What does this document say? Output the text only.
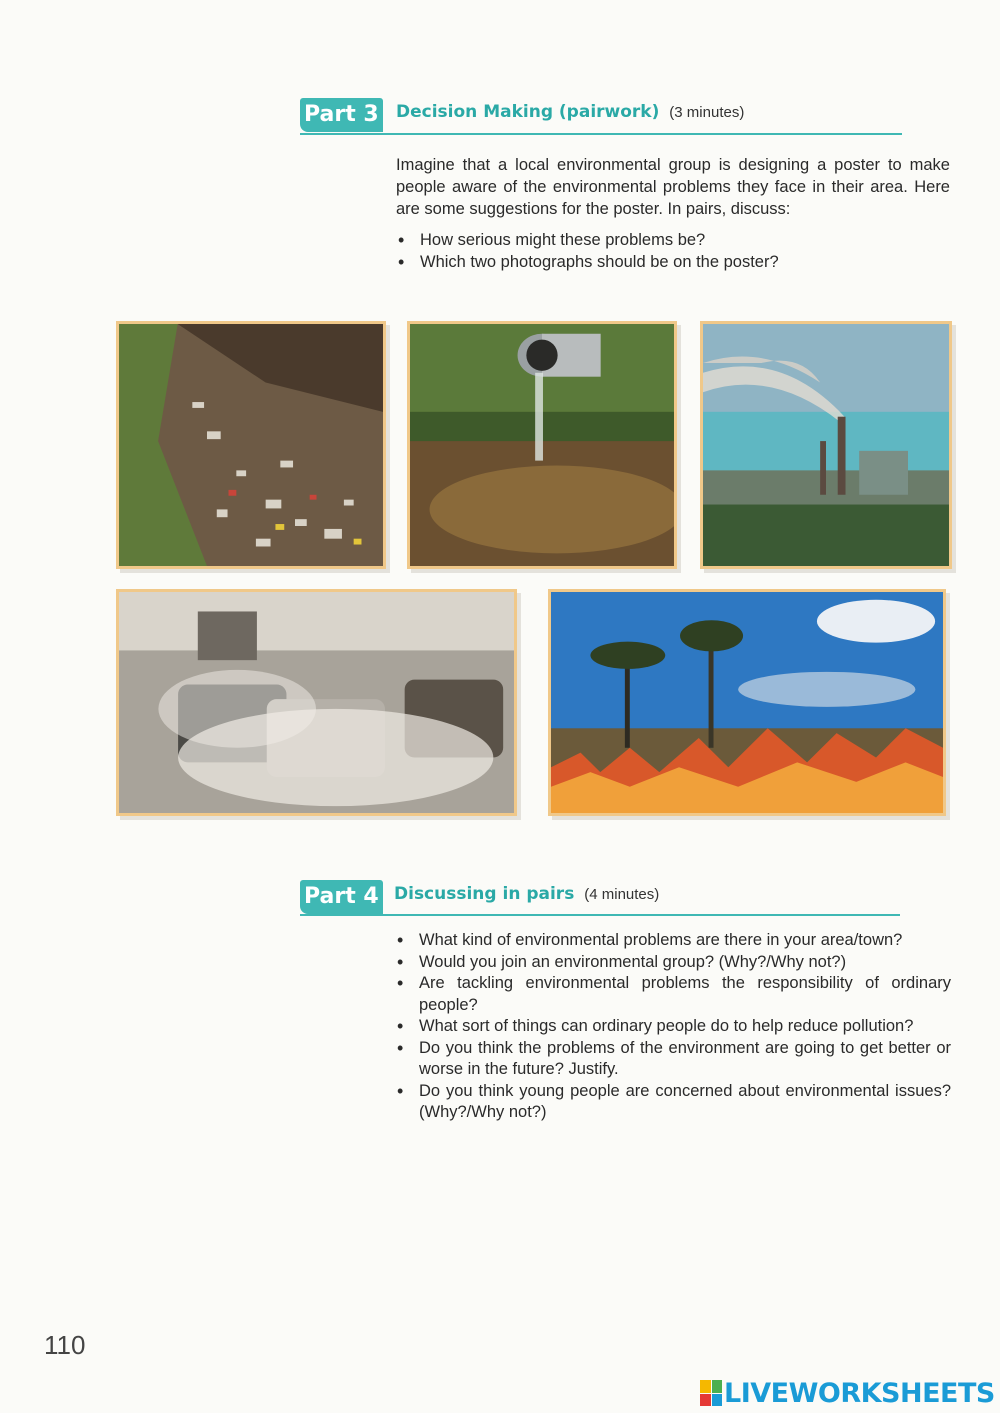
Part 3 Decision Making (pairwork) (3 minutes)

Imagine that a local environmental group is designing a poster to make people aware of the environmental problems they face in their area. Here are some suggestions for the poster. In pairs, discuss:

• How serious might these problems be?
• Which two photographs should be on the poster?
Part 4 Discussing in pairs (4 minutes)
• What kind of environmental problems are there in your area/town?
• Would you join an environmental group? (Why?/Why not?)
• Are tackling environmental problems the responsibility of ordinary people?
• What sort of things can ordinary people do to help reduce pollution?
• Do you think the problems of the environment are going to get better or worse in the future? Justify.
• Do you think young people are concerned about environmental issues? (Why?/Why not?)
110
LIVEWORKSHEETS
